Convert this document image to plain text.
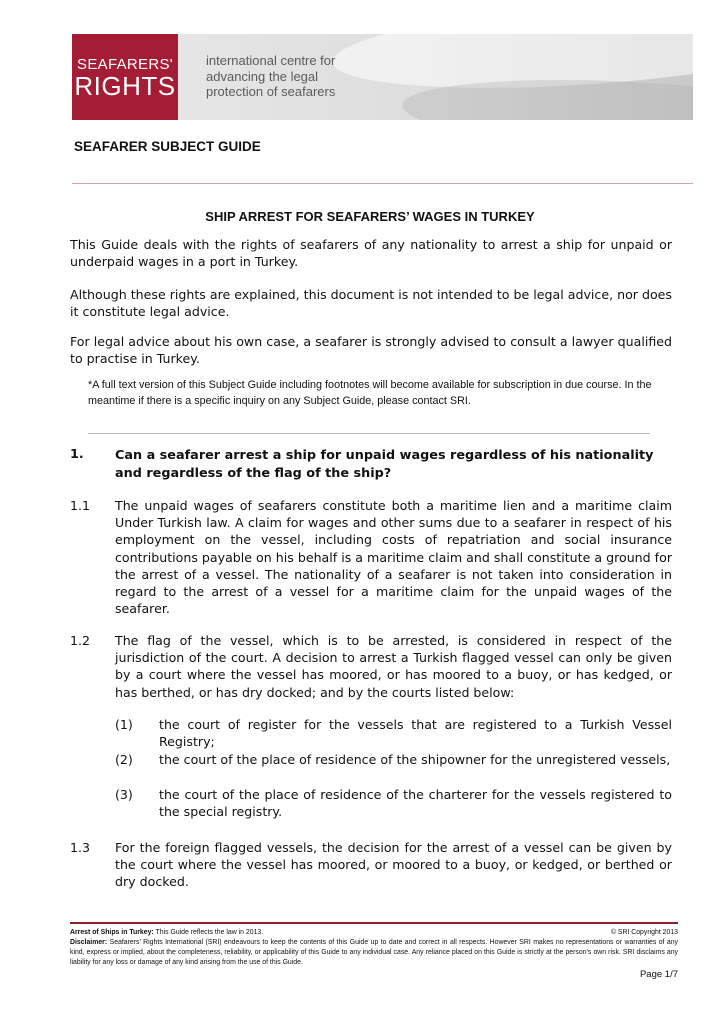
SEAFARERS'
RIGHTS
international centre for
advancing the legal
protection of seafarers
SEAFARER SUBJECT GUIDE
SHIP ARREST FOR SEAFARERS’ WAGES IN TURKEY
This Guide deals with the rights of seafarers of any nationality to arrest a ship for unpaid or underpaid wages in a port in Turkey.
Although these rights are explained, this document is not intended to be legal advice, nor does it constitute legal advice.
For legal advice about his own case, a seafarer is strongly advised to consult a lawyer qualified to practise in Turkey.
*A full text version of this Subject Guide including footnotes will become available for subscription in due course. In the meantime if there is a specific inquiry on any Subject Guide, please contact SRI.
1. Can a seafarer arrest a ship for unpaid wages regardless of his nationality and regardless of the flag of the ship?
1.1 The unpaid wages of seafarers constitute both a maritime lien and a maritime claim Under Turkish law. A claim for wages and other sums due to a seafarer in respect of his employment on the vessel, including costs of repatriation and social insurance contributions payable on his behalf is a maritime claim and shall constitute a ground for the arrest of a vessel. The nationality of a seafarer is not taken into consideration in regard to the arrest of a vessel for a maritime claim for the unpaid wages of the seafarer.
1.2 The flag of the vessel, which is to be arrested, is considered in respect of the jurisdiction of the court. A decision to arrest a Turkish flagged vessel can only be given by a court where the vessel has moored, or has moored to a buoy, or has kedged, or has berthed, or has dry docked; and by the courts listed below:
(1) the court of register for the vessels that are registered to a Turkish Vessel Registry;
(2) the court of the place of residence of the shipowner for the unregistered vessels,
(3) the court of the place of residence of the charterer for the vessels registered to the special registry.
1.3 For the foreign flagged vessels, the decision for the arrest of a vessel can be given by the court where the vessel has moored, or moored to a buoy, or kedged, or berthed or dry docked.
Arrest of Ships in Turkey: This Guide reflects the law in 2013.	© SRI Copyright 2013
Disclaimer: Seafarers’ Rights International (SRI) endeavours to keep the contents of this Guide up to date and correct in all respects. However SRI makes no representations or warranties of any kind, express or implied, about the completeness, reliability, or applicability of this Guide to any individual case. Any reliance placed on this Guide is strictly at the person’s own risk. SRI disclaims any liability for any loss or damage of any kind arising from the use of this Guide.
Page 1/7
